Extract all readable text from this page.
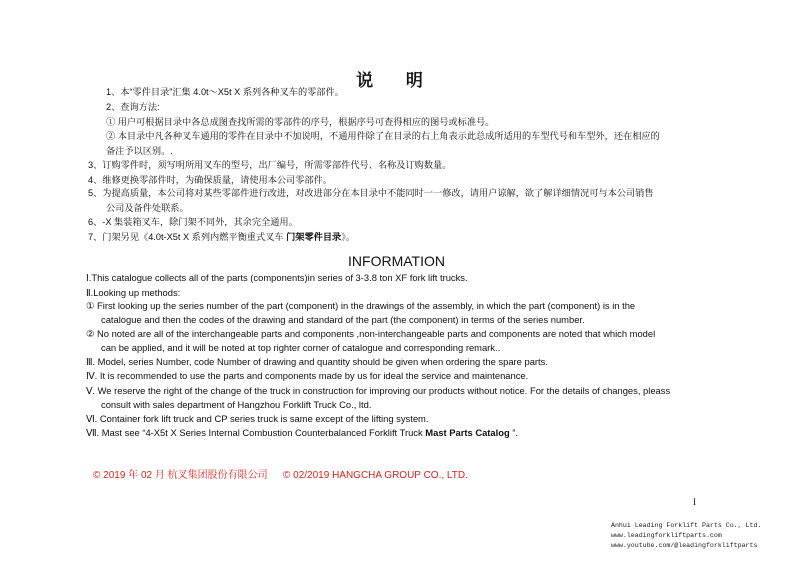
说 明
1、本“零件目录”汇集 4.0t～X5t X 系列各种叉车的零部件。
2、查询方法:
① 用户可根据目录中各总成图查找所需的零部件的序号，根据序号可查得相应的图号或标准号。
② 本目录中凡各种叉车通用的零件在目录中不加说明，不通用件除了在目录的右上角表示此总成所适用的车型代号和车型外，还在相应的
备注予以区别。.
3、订购零件时，须写明所用叉车的型号，出厂编号，所需零部件代号、名称及订购数量。
4、维修更换零部件时，为确保质量，请使用本公司零部件。
5、为提高质量，本公司将对某些零部件进行改进，对改进部分在本目录中不能同时一一修改，请用户谅解，欲了解详细情况可与本公司销售
公司及备件处联系。
6、-X 集装箱叉车，除门架不同外，其余完全通用。
7、门架另见《4.0t-X5t X 系列内燃平衡重式叉车 门架零件目录》。
INFORMATION
Ⅰ.This catalogue collects all of the parts (components)in series of 3-3.8 ton XF fork lift trucks.
Ⅱ.Looking up methods:
① First looking up the series number of the part (component) in the drawings of the assembly, in which the part (component) is in the
catalogue and then the codes of the drawing and standard of the part (the component) in terms of the series number.
② No noted are all of the interchangeable parts and components ,non-interchangeable parts and components are noted that which model
can be applied, and it will be noted at top righter corner of catalogue and corresponding remark..
Ⅲ. Model, series Number, code Number of drawing and quantity should be given when ordering the spare parts.
Ⅳ. It is recommended to use the parts and components made by us for ideal the service and maintenance.
Ⅴ. We reserve the right of the change of the truck in construction for improving our products without notice. For the details of changes, pleass
consult with sales department of Hangzhou Forklift Truck Co., ltd.
Ⅵ. Container fork lift truck and CP series truck is same except of the lifting system.
Ⅶ. Mast see “4-X5t X Series Internal Combustion Counterbalanced Forklift Truck Mast Parts Catalog ”.
© 2019 年 02 月 杭叉集团股份有限公司 © 02/2019 HANGCHA GROUP CO., LTD.
I
Anhui Leading Forklift Parts Co., Ltd.
www.leadingforkliftparts.com
www.youtube.com/@leadingforkliftparts
